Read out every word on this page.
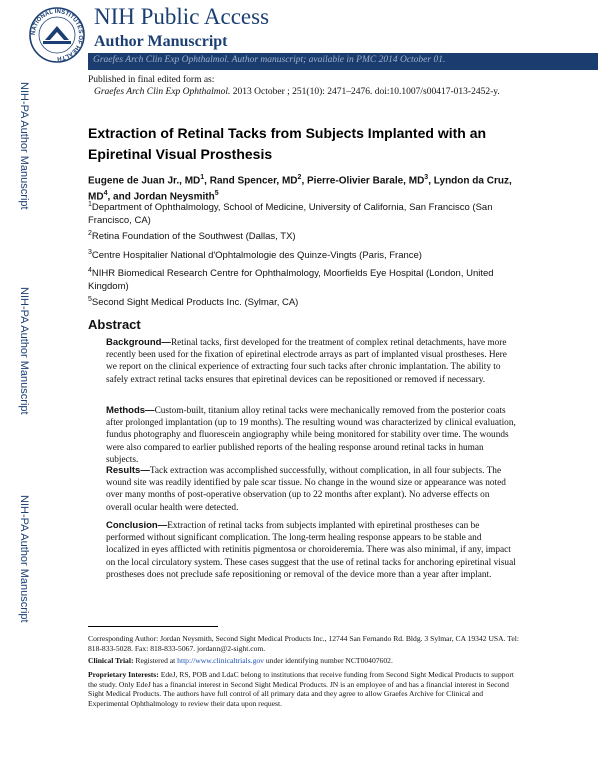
NATIONAL INSTITUTES OF HEALTH
NIH Public Access
Author Manuscript
Graefes Arch Clin Exp Ophthalmol. Author manuscript; available in PMC 2014 October 01.
NIH-PA Author Manuscript
NIH-PA Author Manuscript
NIH-PA Author Manuscript
Published in final edited form as:
Graefes Arch Clin Exp Ophthalmol. 2013 October ; 251(10): 2471–2476. doi:10.1007/s00417-013-2452-y.
Extraction of Retinal Tacks from Subjects Implanted with an Epiretinal Visual Prosthesis
Eugene de Juan Jr., $MD^1$, Rand Spencer, $MD^2$, Pierre-Olivier Barale, $MD^3$, Lyndon da Cruz, $MD^4$, and Jordan Neysmith$^5$
$^1$Department of Ophthalmology, School of Medicine, University of California, San Francisco (San Francisco, CA)
$^2$Retina Foundation of the Southwest (Dallas, TX)
$^3$Centre Hospitalier National d'Ophtalmologie des Quinze-Vingts (Paris, France)
$^4$NIHR Biomedical Research Centre for Ophthalmology, Moorfields Eye Hospital (London, United Kingdom)
$^5$Second Sight Medical Products Inc. (Sylmar, CA)
Abstract
Background—Retinal tacks, first developed for the treatment of complex retinal detachments, have more recently been used for the fixation of epiretinal electrode arrays as part of implanted visual prostheses. Here we report on the clinical experience of extracting four such tacks after chronic implantation. The ability to safely extract retinal tacks ensures that epiretinal devices can be repositioned or removed if necessary.
Methods—Custom-built, titanium alloy retinal tacks were mechanically removed from the posterior coats after prolonged implantation (up to 19 months). The resulting wound was characterized by clinical evaluation, fundus photography and fluorescein angiography while being monitored for stability over time. The wounds were also compared to earlier published reports of the healing response around retinal tacks in human subjects.
Results—Tack extraction was accomplished successfully, without complication, in all four subjects. The wound site was readily identified by pale scar tissue. No change in the wound size or appearance was noted over many months of post-operative observation (up to 22 months after explant). No adverse effects on overall ocular health were detected.
Conclusion—Extraction of retinal tacks from subjects implanted with epiretinal prostheses can be performed without significant complication. The long-term healing response appears to be stable and localized in eyes afflicted with retinitis pigmentosa or choroideremia. There was also minimal, if any, impact on the local circulatory system. These cases suggest that the use of retinal tacks for anchoring epiretinal visual prostheses does not preclude safe repositioning or removal of the device more than a year after implant.
Corresponding Author: Jordan Neysmith, Second Sight Medical Products Inc., 12744 San Fernando Rd. Bldg. 3 Sylmar, CA 19342 USA. Tel: 818-833-5028. Fax: 818-833-5067. jordann@2-sight.com.
Clinical Trial: Registered at http://www.clinicaltrials.gov under identifying number NCT00407602.
Proprietary Interests: EdeJ, RS, POB and LdaC belong to institutions that receive funding from Second Sight Medical Products to support the study. Only EdeJ has a financial interest in Second Sight Medical Products. JN is an employee of and has a financial interest in Second Sight Medical Products. The authors have full control of all primary data and they agree to allow Graefes Archive for Clinical and Experimental Ophthalmology to review their data upon request.
